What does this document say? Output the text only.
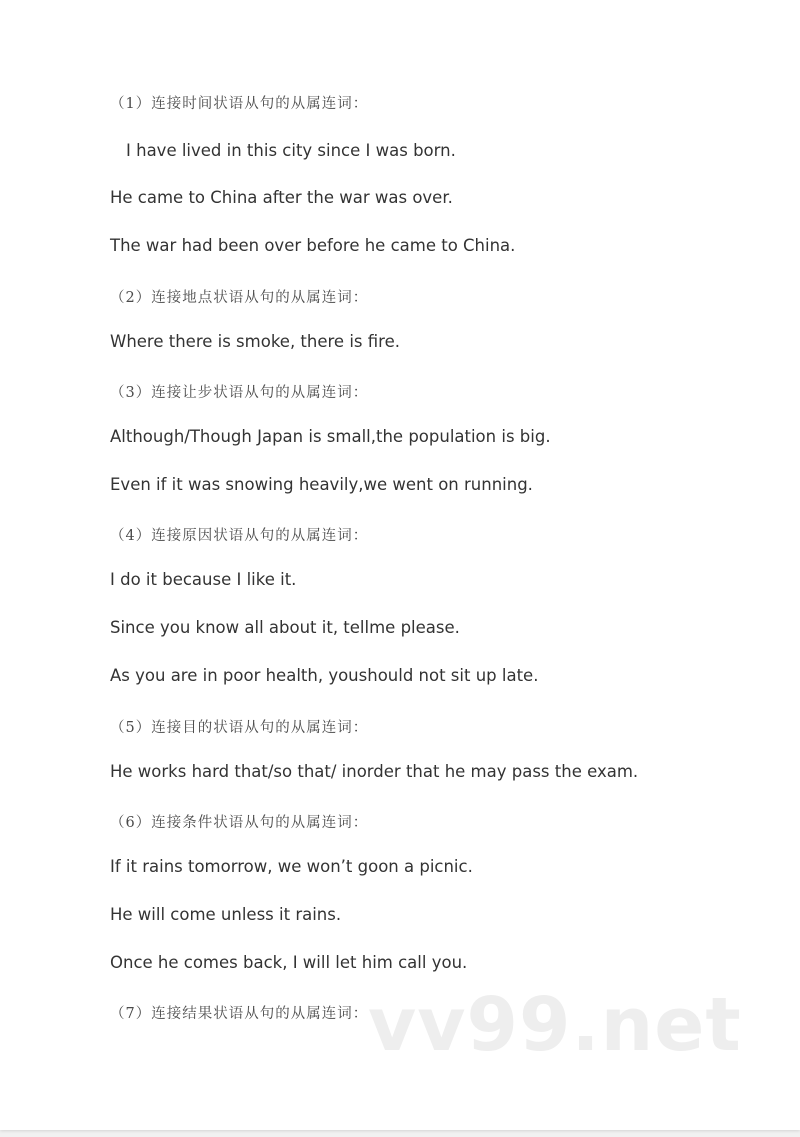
（1）连接时间状语从句的从属连词：
I have lived in this city since I was born.
He came to China after the war was over.
The war had been over before he came to China.
（2）连接地点状语从句的从属连词：
Where there is smoke, there is fire.
（3）连接让步状语从句的从属连词：
Although/Though Japan is small,the population is big.
Even if it was snowing heavily,we went on running.
（4）连接原因状语从句的从属连词：
I do it because I like it.
Since you know all about it, tellme please.
As you are in poor health, youshould not sit up late.
（5）连接目的状语从句的从属连词：
He works hard that/so that/ inorder that he may pass the exam.
（6）连接条件状语从句的从属连词：
If it rains tomorrow, we won’t goon a picnic.
He will come unless it rains.
Once he comes back, I will let him call you.
（7）连接结果状语从句的从属连词： vv99.net
